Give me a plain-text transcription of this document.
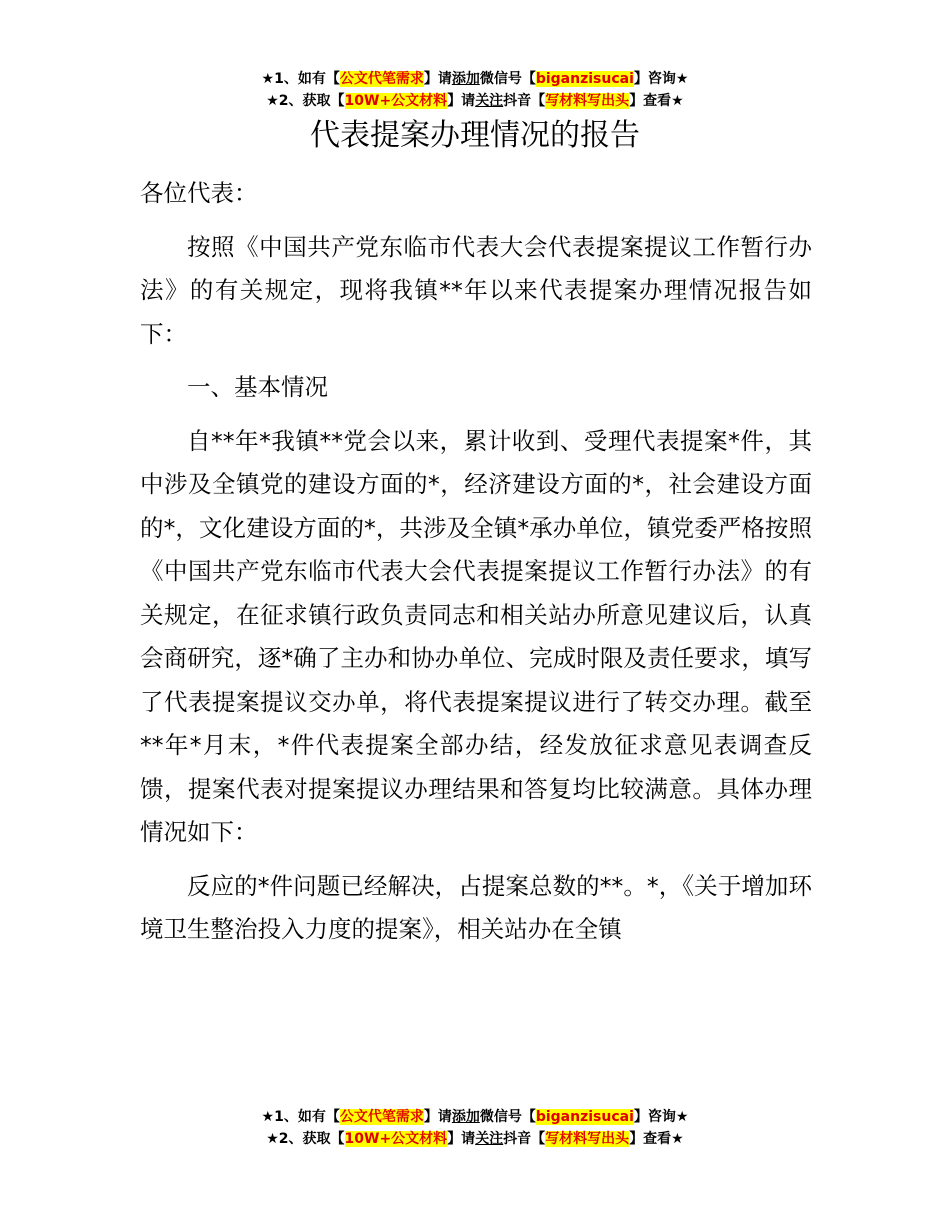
★1、如有【公文代笔需求】请添加微信号【biganzisucai】咨询★
★2、获取【10W+公文材料】请关注抖音【写材料写出头】查看★
代表提案办理情况的报告

各位代表：

按照《中国共产党东临市代表大会代表提案提议工作暂行办法》的有关规定，现将我镇**年以来代表提案办理情况报告如下：

一、基本情况

自**年*我镇**党会以来，累计收到、受理代表提案*件，其中涉及全镇党的建设方面的*，经济建设方面的*，社会建设方面的*，文化建设方面的*，共涉及全镇*承办单位，镇党委严格按照《中国共产党东临市代表大会代表提案提议工作暂行办法》的有关规定，在征求镇行政负责同志和相关站办所意见建议后，认真会商研究，逐*确了主办和协办单位、完成时限及责任要求，填写了代表提案提议交办单，将代表提案提议进行了转交办理。截至**年*月末，*件代表提案全部办结，经发放征求意见表调查反馈，提案代表对提案提议办理结果和答复均比较满意。具体办理情况如下：

反应的*件问题已经解决，占提案总数的**。*，《关于增加环境卫生整治投入力度的提案》，相关站办在全镇

★1、如有【公文代笔需求】请添加微信号【biganzisucai】咨询★
★2、获取【10W+公文材料】请关注抖音【写材料写出头】查看★
